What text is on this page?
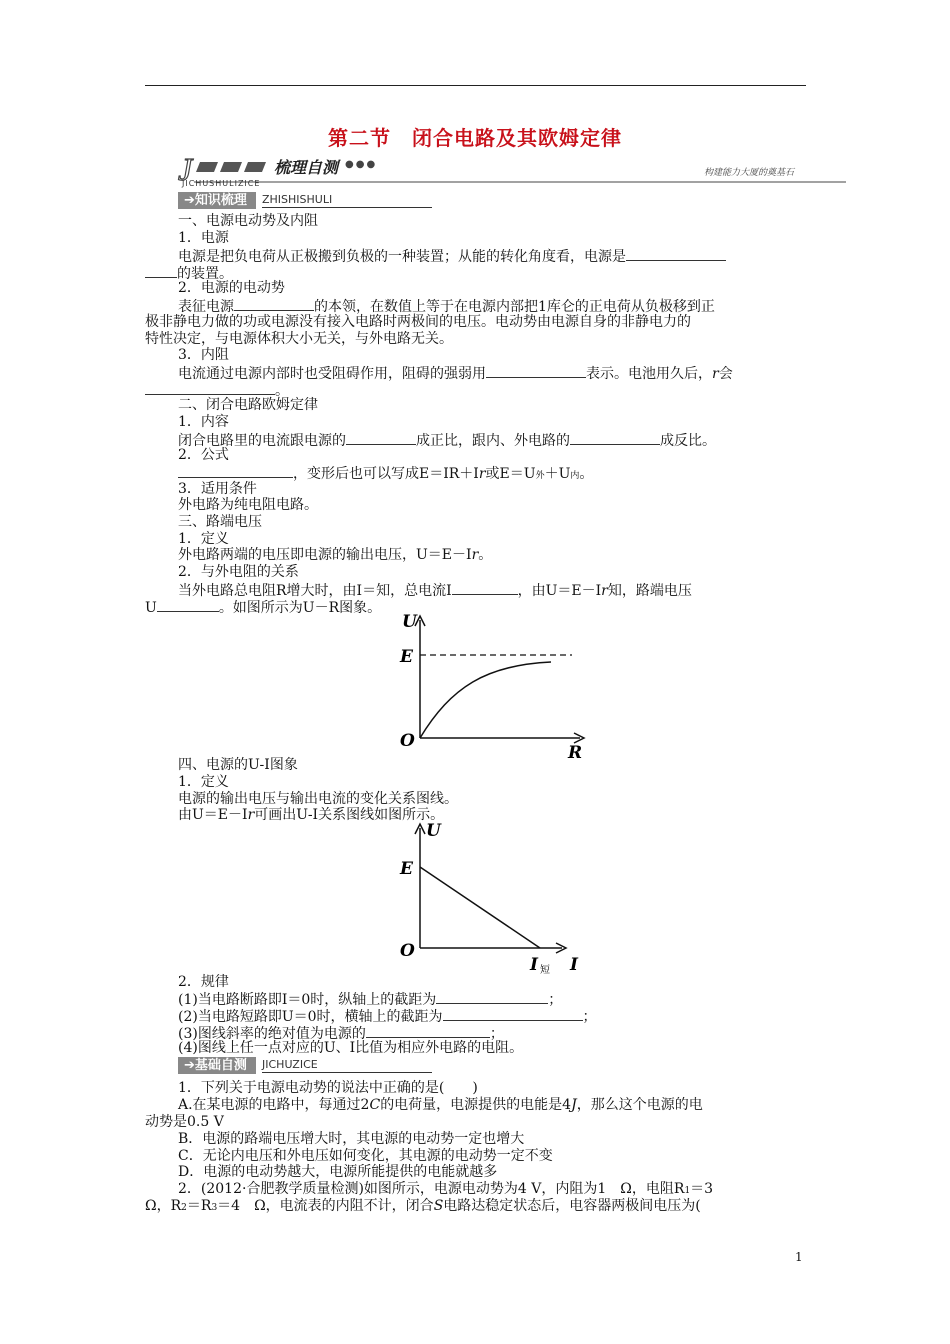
第二节　闭合电路及其欧姆定律
J	梳理自测 ●●●
JICHUSHULIZICE
构建能力大厦的奠基石
➔知识梳理	ZHISHISHULI
一、电源电动势及内阻
1．电源
电源是把负电荷从正极搬到负极的一种装置；从能的转化角度看，电源是
的装置。
2．电源的电动势
表征电源	的本领，在数值上等于在电源内部把1库仑的正电荷从负极移到正
极非静电力做的功或电源没有接入电路时两极间的电压。电动势由电源自身的非静电力的
特性决定，与电源体积大小无关，与外电路无关。
3．内阻
电流通过电源内部时也受阻碍作用，阻碍的强弱用	表示。电池用久后，r会
。
二、闭合电路欧姆定律
1．内容
闭合电路里的电流跟电源的	成正比，跟内、外电路的	成反比。
2．公式
，变形后也可以写成E＝IR＋Ir或E＝U外＋U内。
3．适用条件
外电路为纯电阻电路。
三、路端电压
1．定义
外电路两端的电压即电源的输出电压，U＝E－Ir。
2．与外电阻的关系
当外电路总电阻R增大时，由I＝知，总电流I	，由U＝E－Ir知，路端电压
U	。如图所示为U－R图象。
U
E
O
R
四、电源的U-I图象
1．定义
电源的输出电压与输出电流的变化关系图线。
由U＝E－Ir可画出U-I关系图线如图所示。
U
E
O
I 短 I
2．规律
(1)当电路断路即I＝0时，纵轴上的截距为	；
(2)当电路短路即U＝0时，横轴上的截距为	；
(3)图线斜率的绝对值为电源的	；
(4)图线上任一点对应的U、I比值为相应外电路的电阻。
➔基础自测	JICHUZICE
1．下列关于电源电动势的说法中正确的是(　　)
A.在某电源的电路中，每通过2C的电荷量，电源提供的电能是4J，那么这个电源的电
动势是0.5 V
B．电源的路端电压增大时，其电源的电动势一定也增大
C．无论内电压和外电压如何变化，其电源的电动势一定不变
D．电源的电动势越大，电源所能提供的电能就越多
2．(2012·合肥教学质量检测)如图所示，电源电动势为4 V，内阻为1　Ω，电阻R1＝3
Ω，R2＝R3＝4　Ω，电流表的内阻不计，闭合S电路达稳定状态后，电容器两极间电压为(
1
